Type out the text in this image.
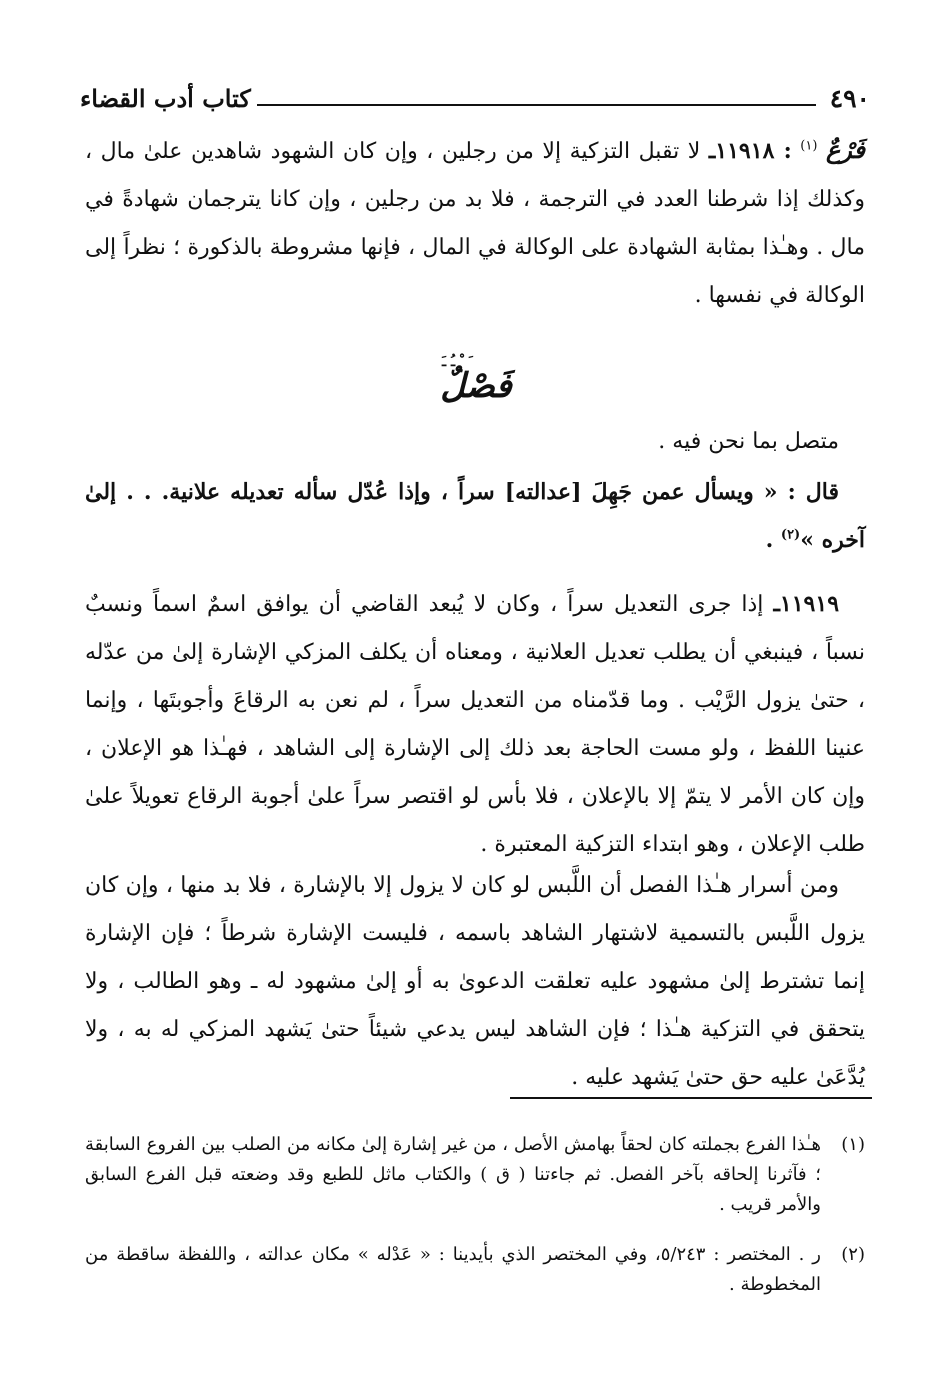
٤٩٠
كتاب أدب القضاء
فَرْعٌ $^{(١)}$ : ١١٩١٨ـ لا تقبل التزكية إلا من رجلين ، وإن كان الشهود شاهدين علىٰ مال ، وكذلك إذا شرطنا العدد في الترجمة ، فلا بد من رجلين ، وإن كانا يترجمان شهادةً في مال . وهـٰذا بمثابة الشهادة على الوكالة في المال ، فإنها مشروطة بالذكورة ؛ نظراً إلى الوكالة في نفسها .
ﹶ ﹾ ﹹ ﹷ
فَصْلٌ
متصل بما نحن فيه .
قال : « ويسأل عمن جَهِلَ [عدالته] سراً ، وإذا عُدّل سأله تعديله علانية. . . إلىٰ آخره »$^{(٢)}$ .
١١٩١٩ـ إذا جرى التعديل سراً ، وكان لا يُبعد القاضي أن يوافق اسمٌ اسماً ونسبٌ نسباً ، فينبغي أن يطلب تعديل العلانية ، ومعناه أن يكلف المزكي الإشارة إلىٰ من عدّله ، حتىٰ يزول الرَّيْب . وما قدّمناه من التعديل سراً ، لم نعن به الرقاعَ وأجوبتَها ، وإنما عنينا اللفظ ، ولو مست الحاجة بعد ذلك إلى الإشارة إلى الشاهد ، فهـٰذا هو الإعلان ، وإن كان الأمر لا يتمّ إلا بالإعلان ، فلا بأس لو اقتصر سراً علىٰ أجوبة الرقاع تعويلاً علىٰ طلب الإعلان ، وهو ابتداء التزكية المعتبرة .
ومن أسرار هـٰذا الفصل أن اللَّبس لو كان لا يزول إلا بالإشارة ، فلا بد منها ، وإن كان يزول اللَّبس بالتسمية لاشتهار الشاهد باسمه ، فليست الإشارة شرطاً ؛ فإن الإشارة إنما تشترط إلىٰ مشهود عليه تعلقت الدعوىٰ به أو إلىٰ مشهود له ـ وهو الطالب ، ولا يتحقق في التزكية هـٰذا ؛ فإن الشاهد ليس يدعي شيئاً حتىٰ يَشهد المزكي له به ، ولا يُدَّعَىٰ عليه حق حتىٰ يَشهد عليه .
(١)
هـٰذا الفرع بجملته كان لحقاً بهامش الأصل ، من غير إشارة إلىٰ مكانه من الصلب بين الفروع السابقة ؛ فآثرنا إلحاقه بآخر الفصل. ثم جاءتنا ( ق ) والكتاب ماثل للطبع وقد وضعته قبل الفرع السابق والأمر قريب .
(٢)
ر . المختصر : ٥/٢٤٣، وفي المختصر الذي بأيدينا : « عَدْله » مكان عدالته ، واللفظة ساقطة من المخطوطة .
